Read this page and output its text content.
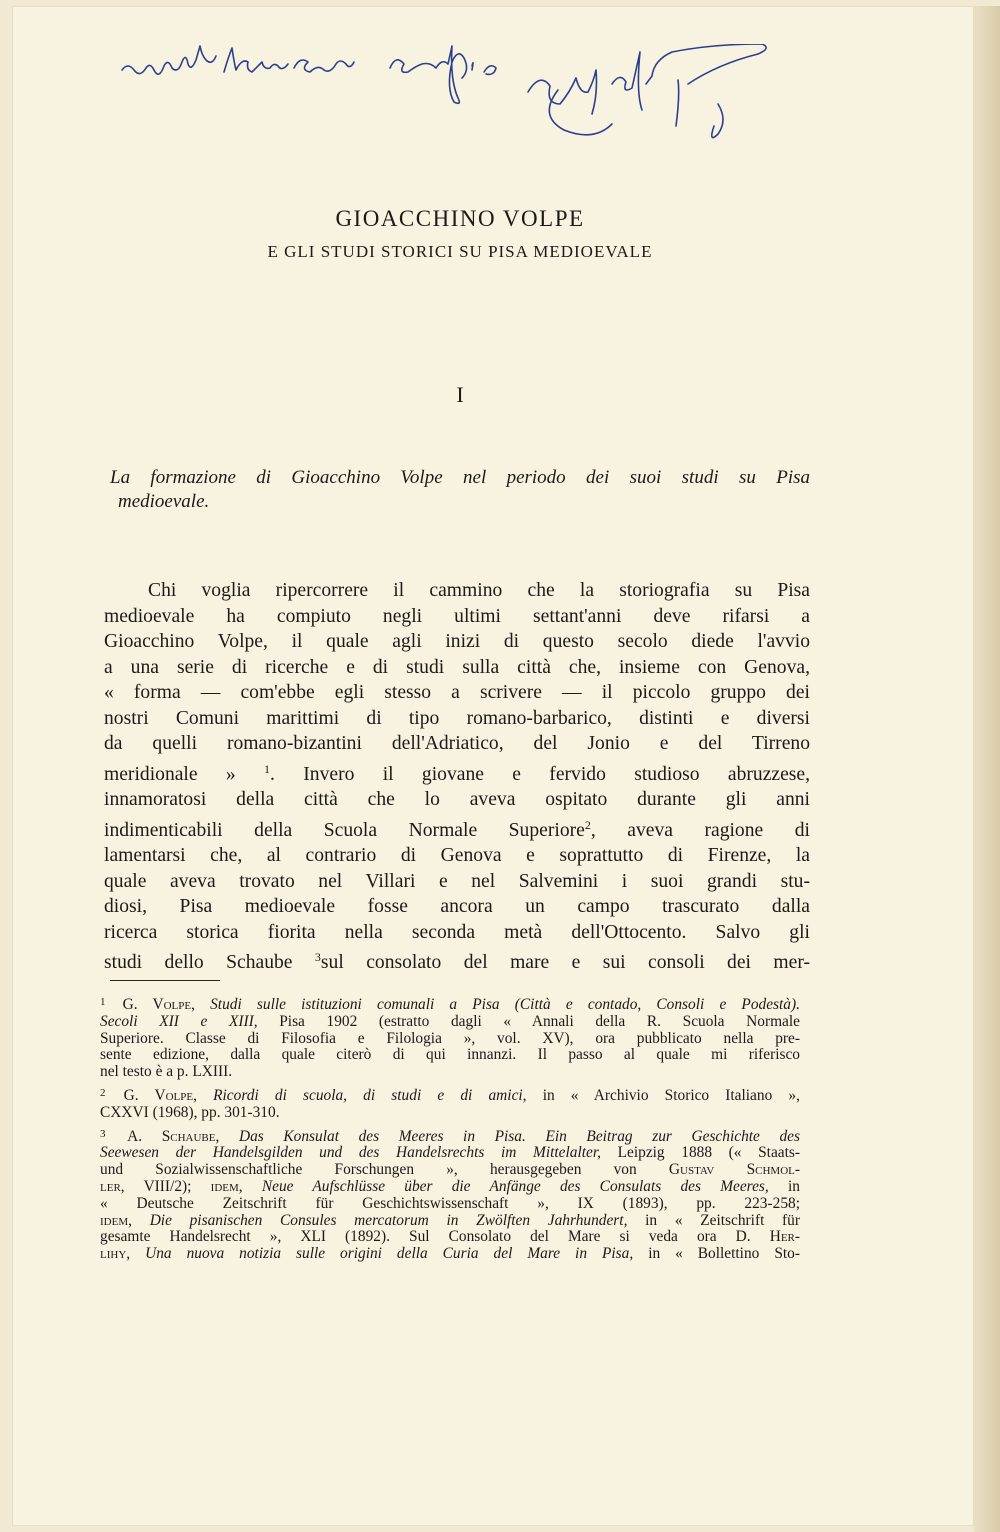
GIOACCHINO VOLPE
E GLI STUDI STORICI SU PISA MEDIOEVALE
I

La formazione di Gioacchino Volpe nel periodo dei suoi studi su Pisa
medioevale.

Chi voglia ripercorrere il cammino che la storiografia su Pisa
medioevale ha compiuto negli ultimi settant'anni deve rifarsi a
Gioacchino Volpe, il quale agli inizi di questo secolo diede l'avvio
a una serie di ricerche e di studi sulla città che, insieme con Genova,
« forma — com'ebbe egli stesso a scrivere — il piccolo gruppo dei
nostri Comuni marittimi di tipo romano-barbarico, distinti e diversi
da quelli romano-bizantini dell'Adriatico, del Jonio e del Tirreno
meridionale » $^1$. Invero il giovane e fervido studioso abruzzese,
innamoratosi della città che lo aveva ospitato durante gli anni
indimenticabili della Scuola Normale Superiore$^2$, aveva ragione di
lamentarsi che, al contrario di Genova e soprattutto di Firenze, la
quale aveva trovato nel Villari e nel Salvemini i suoi grandi stu-
diosi, Pisa medioevale fosse ancora un campo trascurato dalla
ricerca storica fiorita nella seconda metà dell'Ottocento. Salvo gli
studi dello Schaube $^3$sul consolato del mare e sui consoli dei mer-

$^1$ G. Volpe, Studi sulle istituzioni comunali a Pisa (Città e contado, Consoli e Podestà).
Secoli XII e XIII, Pisa 1902 (estratto dagli « Annali della R. Scuola Normale
Superiore. Classe di Filosofia e Filologia », vol. XV), ora pubblicato nella pre-
sente edizione, dalla quale citerò di qui innanzi. Il passo al quale mi riferisco
nel testo è a p. LXIII.
$^2$ G. Volpe, Ricordi di scuola, di studi e di amici, in « Archivio Storico Italiano »,
CXXVI (1968), pp. 301-310.
$^3$ A. Schaube, Das Konsulat des Meeres in Pisa. Ein Beitrag zur Geschichte des
Seewesen der Handelsgilden und des Handelsrechts im Mittelalter, Leipzig 1888 (« Staats-
und Sozialwissenschaftliche Forschungen », herausgegeben von Gustav Schmol-
ler, VIII/2); idem, Neue Aufschlüsse über die Anfänge des Consulats des Meeres, in
« Deutsche Zeitschrift für Geschichtswissenschaft », IX (1893), pp. 223-258;
idem, Die pisanischen Consules mercatorum in Zwölften Jahrhundert, in « Zeitschrift für
gesamte Handelsrecht », XLI (1892). Sul Consolato del Mare si veda ora D. Her-
lihy, Una nuova notizia sulle origini della Curia del Mare in Pisa, in « Bollettino Sto-
